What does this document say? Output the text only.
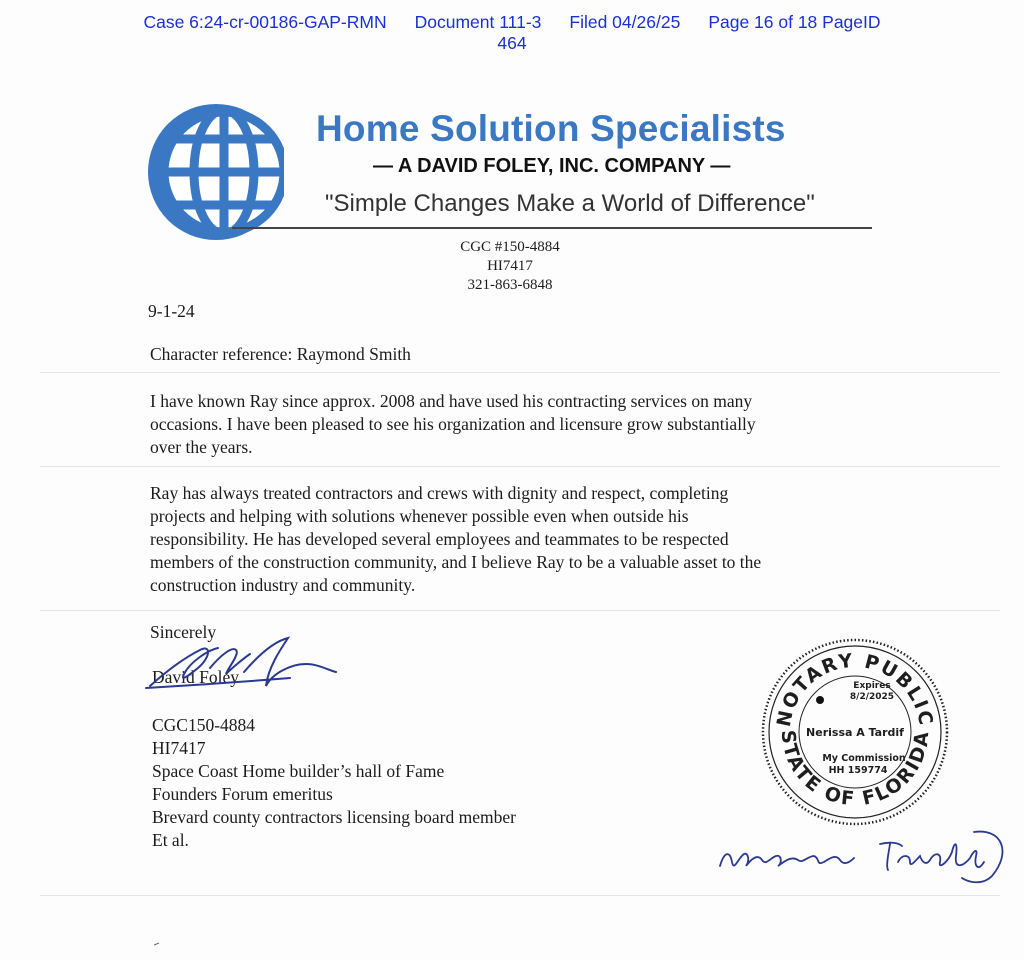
Case 6:24-cr-00186-GAP-RMN Document 111-3 Filed 04/26/25 Page 16 of 18 PageID
464
Home Solution Specialists
— A DAVID FOLEY, INC. COMPANY —
"Simple Changes Make a World of Difference"
CGC #150-4884
HI7417
321-863-6848
9-1-24
Character reference: Raymond Smith
I have known Ray since approx. 2008 and have used his contracting services on many
occasions. I have been pleased to see his organization and licensure grow substantially
over the years.
Ray has always treated contractors and crews with dignity and respect, completing
projects and helping with solutions whenever possible even when outside his
responsibility. He has developed several employees and teammates to be respected
members of the construction community, and I believe Ray to be a valuable asset to the
construction industry and community.
Sincerely
David Foley
CGC150-4884
HI7417
Space Coast Home builder’s hall of Fame
Founders Forum emeritus
Brevard county contractors licensing board member
Et al.
NOTARY PUBLIC
STATE OF FLORIDA
Expires
8/2/2025
Nerissa A Tardif
My Commission
HH 159774
